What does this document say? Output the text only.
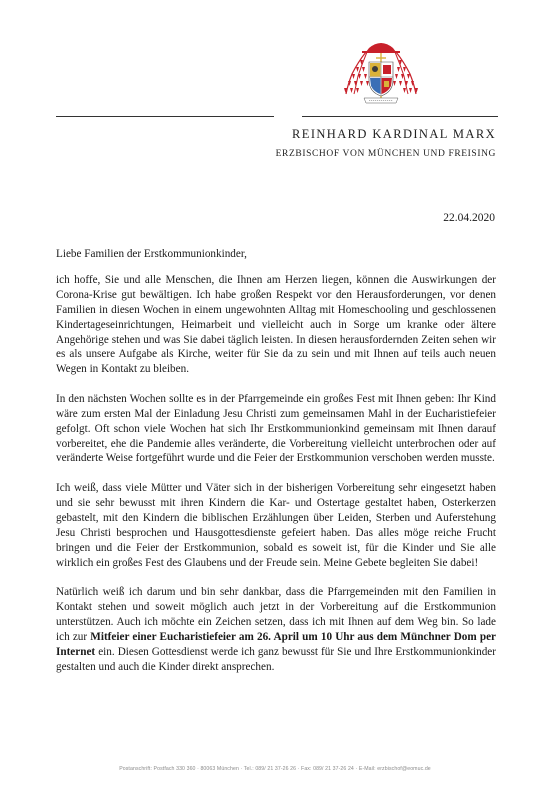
REINHARD KARDINAL MARX
ERZBISCHOF VON MÜNCHEN UND FREISING
22.04.2020

Liebe Familien der Erstkommunionkinder,

ich hoffe, Sie und alle Menschen, die Ihnen am Herzen liegen, können die Auswirkungen der Corona-Krise gut bewältigen. Ich habe großen Respekt vor den Herausforderungen, vor denen Familien in diesen Wochen in einem ungewohnten Alltag mit Homeschooling und geschlossenen Kindertageseinrichtungen, Heimarbeit und vielleicht auch in Sorge um kranke oder ältere Angehörige stehen und was Sie dabei täglich leisten. In diesen herausfordernden Zeiten sehen wir es als unsere Aufgabe als Kirche, weiter für Sie da zu sein und mit Ihnen auf teils auch neuen Wegen in Kontakt zu bleiben.

In den nächsten Wochen sollte es in der Pfarrgemeinde ein großes Fest mit Ihnen geben: Ihr Kind wäre zum ersten Mal der Einladung Jesu Christi zum gemeinsamen Mahl in der Eucharistiefeier gefolgt. Oft schon viele Wochen hat sich Ihr Erstkommunionkind gemeinsam mit Ihnen darauf vorbereitet, ehe die Pandemie alles veränderte, die Vorbereitung vielleicht unterbrochen oder auf veränderte Weise fortgeführt wurde und die Feier der Erstkommunion verschoben werden musste.

Ich weiß, dass viele Mütter und Väter sich in der bisherigen Vorbereitung sehr eingesetzt haben und sie sehr bewusst mit ihren Kindern die Kar- und Ostertage gestaltet haben, Osterkerzen gebastelt, mit den Kindern die biblischen Erzählungen über Leiden, Sterben und Auferstehung Jesu Christi besprochen und Hausgottesdienste gefeiert haben. Das alles möge reiche Frucht bringen und die Feier der Erstkommunion, sobald es soweit ist, für die Kinder und Sie alle wirklich ein großes Fest des Glaubens und der Freude sein. Meine Gebete begleiten Sie dabei!

Natürlich weiß ich darum und bin sehr dankbar, dass die Pfarrgemeinden mit den Familien in Kontakt stehen und soweit möglich auch jetzt in der Vorbereitung auf die Erstkommunion unterstützen. Auch ich möchte ein Zeichen setzen, dass ich mit Ihnen auf dem Weg bin. So lade ich zur Mitfeier einer Eucharistiefeier am 26. April um 10 Uhr aus dem Münchner Dom per Internet ein. Diesen Gottesdienst werde ich ganz bewusst für Sie und Ihre Erstkommunionkinder gestalten und auch die Kinder direkt ansprechen.

Postanschrift: Postfach 330 360 · 80063 München · Tel.: 089/ 21 37-26 26 · Fax: 089/ 21 37-26 24 · E-Mail: erzbischof@eomuc.de
